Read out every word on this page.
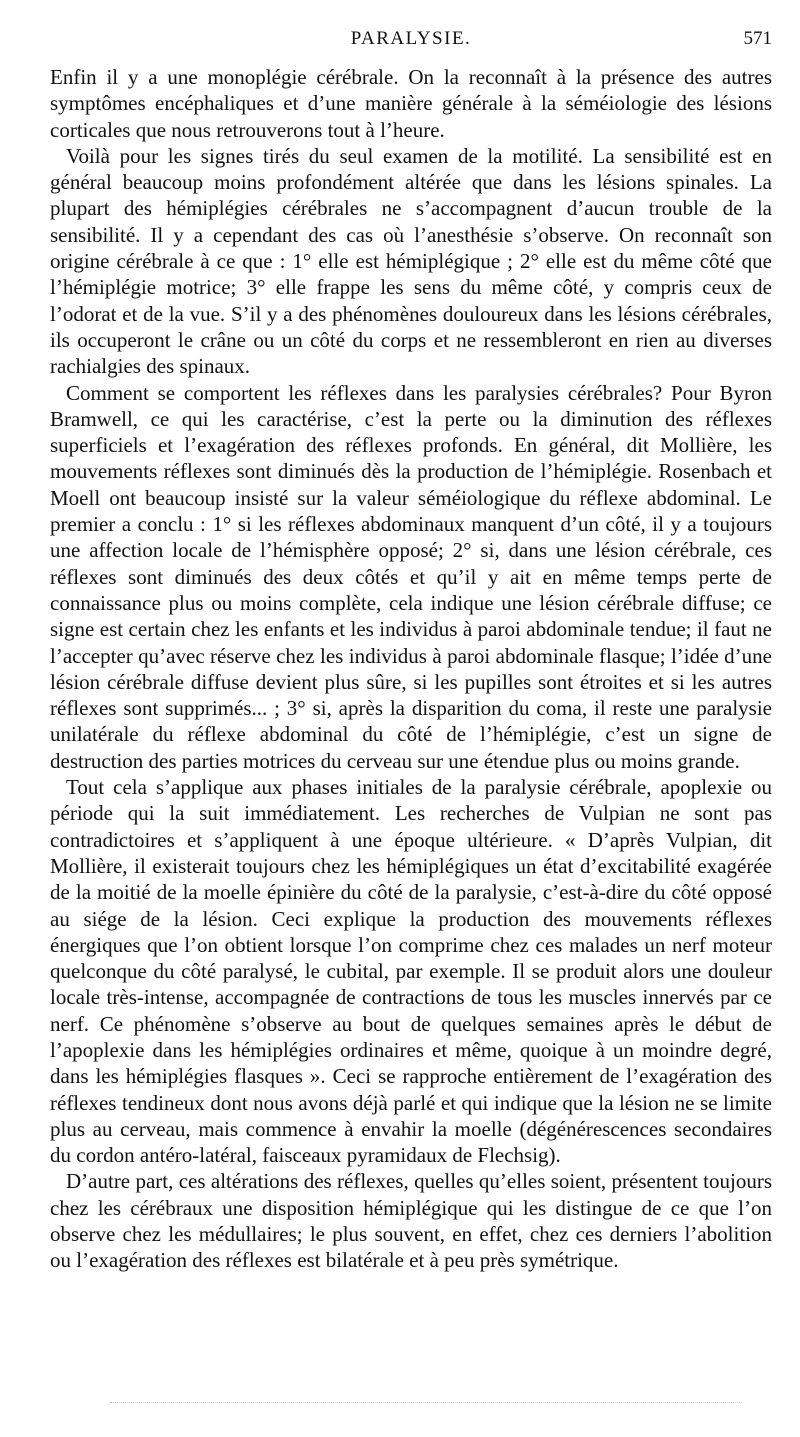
PARALYSIE.	571

Enfin il y a une monoplégie cérébrale. On la reconnaît à la présence des autres symptômes encéphaliques et d’une manière générale à la séméiologie des lésions corticales que nous retrouverons tout à l’heure.

Voilà pour les signes tirés du seul examen de la motilité. La sensibilité est en général beaucoup moins profondément altérée que dans les lésions spinales. La plupart des hémiplégies cérébrales ne s’accompagnent d’aucun trouble de la sensibilité. Il y a cependant des cas où l’anesthésie s’observe. On reconnaît son origine cérébrale à ce que : 1° elle est hémiplégique ; 2° elle est du même côté que l’hémiplégie motrice; 3° elle frappe les sens du même côté, y compris ceux de l’odorat et de la vue. S’il y a des phénomènes douloureux dans les lésions cérébrales, ils occuperont le crâne ou un côté du corps et ne ressembleront en rien au diverses rachialgies des spinaux.

Comment se comportent les réflexes dans les paralysies cérébrales? Pour Byron Bramwell, ce qui les caractérise, c’est la perte ou la diminution des réflexes superficiels et l’exagération des réflexes profonds. En général, dit Mollière, les mouvements réflexes sont diminués dès la production de l’hémiplégie. Rosenbach et Moell ont beaucoup insisté sur la valeur séméiologique du réflexe abdominal. Le premier a conclu : 1° si les réflexes abdominaux manquent d’un côté, il y a toujours une affection locale de l’hémisphère opposé; 2° si, dans une lésion cérébrale, ces réflexes sont diminués des deux côtés et qu’il y ait en même temps perte de connaissance plus ou moins complète, cela indique une lésion cérébrale diffuse; ce signe est certain chez les enfants et les individus à paroi abdominale tendue; il faut ne l’accepter qu’avec réserve chez les individus à paroi abdominale flasque; l’idée d’une lésion cérébrale diffuse devient plus sûre, si les pupilles sont étroites et si les autres réflexes sont supprimés... ; 3° si, après la disparition du coma, il reste une paralysie unilatérale du réflexe abdominal du côté de l’hémiplégie, c’est un signe de destruction des parties motrices du cerveau sur une étendue plus ou moins grande.

Tout cela s’applique aux phases initiales de la paralysie cérébrale, apoplexie ou période qui la suit immédiatement. Les recherches de Vulpian ne sont pas contradictoires et s’appliquent à une époque ultérieure. « D’après Vulpian, dit Mollière, il existerait toujours chez les hémiplégiques un état d’excitabilité exagérée de la moitié de la moelle épinière du côté de la paralysie, c’est-à-dire du côté opposé au siége de la lésion. Ceci explique la production des mouvements réflexes énergiques que l’on obtient lorsque l’on comprime chez ces malades un nerf moteur quelconque du côté paralysé, le cubital, par exemple. Il se produit alors une douleur locale très-intense, accompagnée de contractions de tous les muscles innervés par ce nerf. Ce phénomène s’observe au bout de quelques semaines après le début de l’apoplexie dans les hémiplégies ordinaires et même, quoique à un moindre degré, dans les hémiplégies flasques ». Ceci se rapproche entièrement de l’exagération des réflexes tendineux dont nous avons déjà parlé et qui indique que la lésion ne se limite plus au cerveau, mais commence à envahir la moelle (dégénérescences secondaires du cordon antéro-latéral, faisceaux pyramidaux de Flechsig).

D’autre part, ces altérations des réflexes, quelles qu’elles soient, présentent toujours chez les cérébraux une disposition hémiplégique qui les distingue de ce que l’on observe chez les médullaires; le plus souvent, en effet, chez ces derniers l’abolition ou l’exagération des réflexes est bilatérale et à peu près symétrique.
